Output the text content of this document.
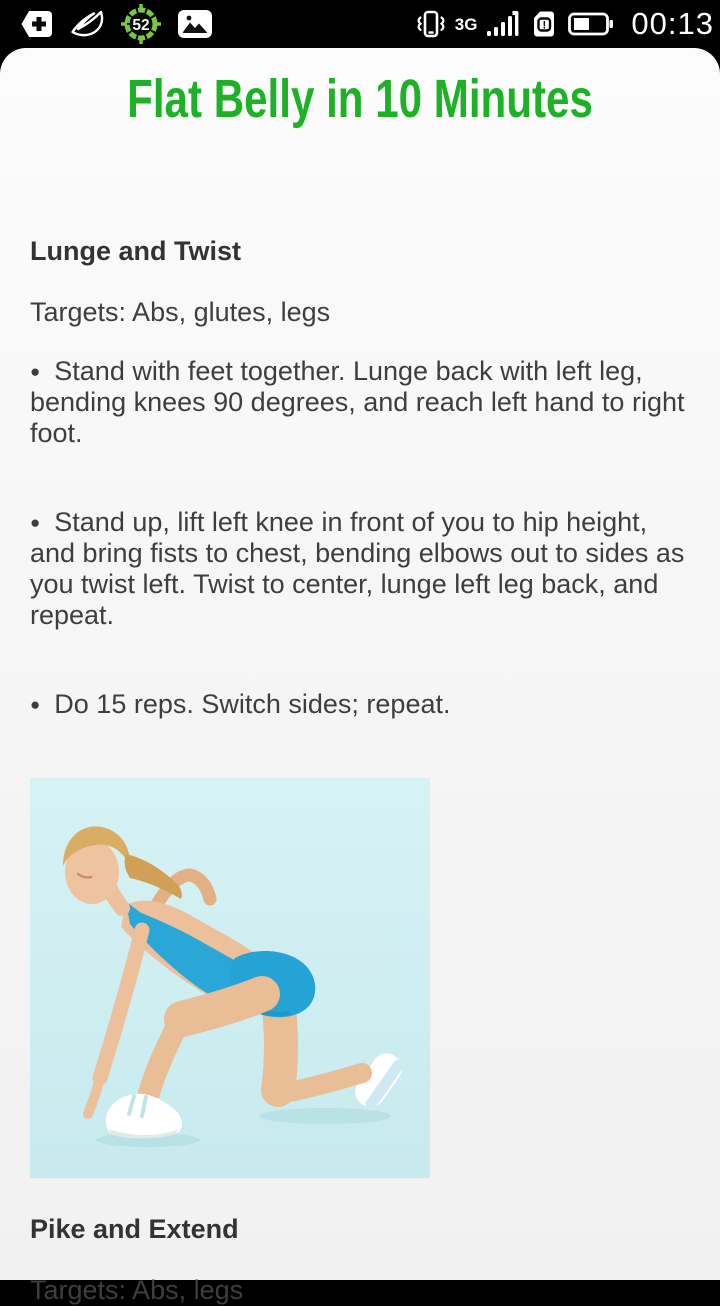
52	3G	!	00:13
Flat Belly in 10 Minutes
Lunge and Twist

Targets: Abs, glutes, legs

● Stand with feet together. Lunge back with left leg, bending knees 90 degrees, and reach left hand to right foot.

● Stand up, lift left knee in front of you to hip height, and bring fists to chest, bending elbows out to sides as you twist left. Twist to center, lunge left leg back, and repeat.

● Do 15 reps. Switch sides; repeat.

Pike and Extend

Targets: Abs, legs
